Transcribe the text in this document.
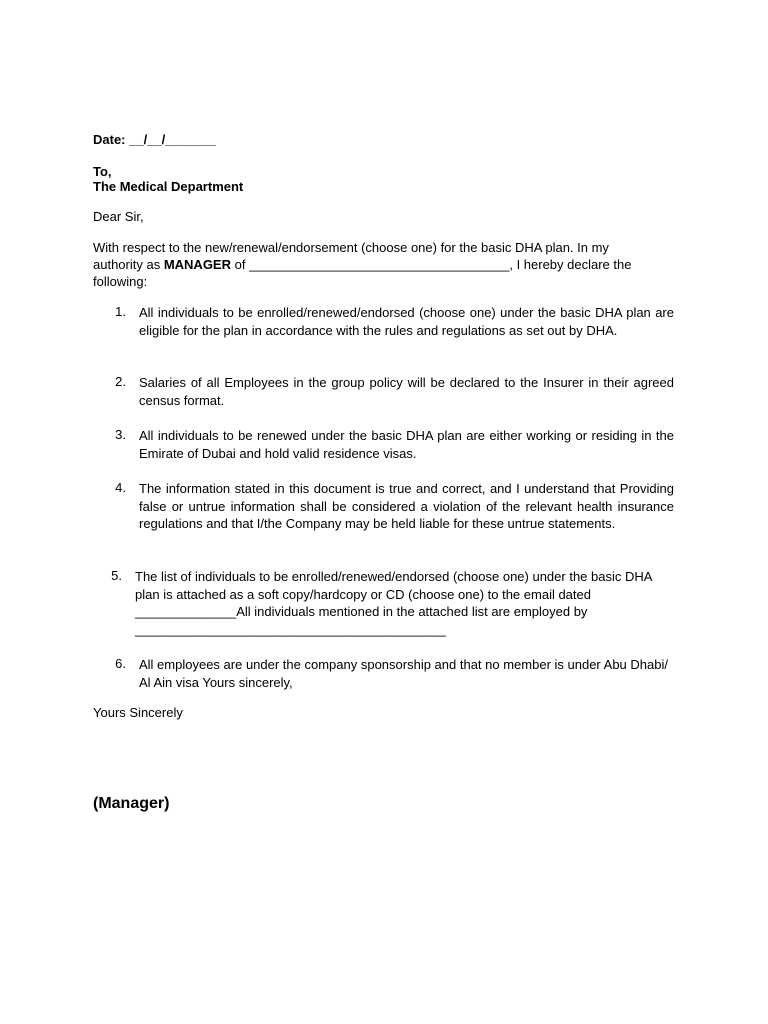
Date: __/__/_______
To,
The Medical Department
Dear Sir,
With respect to the new/renewal/endorsement (choose one) for the basic DHA plan. In my authority as MANAGER of ____________________________________, I hereby declare the following:
1. All individuals to be enrolled/renewed/endorsed (choose one) under the basic DHA plan are eligible for the plan in accordance with the rules and regulations as set out by DHA.
2. Salaries of all Employees in the group policy will be declared to the Insurer in their agreed census format.
3. All individuals to be renewed under the basic DHA plan are either working or residing in the Emirate of Dubai and hold valid residence visas.
4. The information stated in this document is true and correct, and I understand that Providing false or untrue information shall be considered a violation of the relevant health insurance regulations and that I/the Company may be held liable for these untrue statements.
5. The list of individuals to be enrolled/renewed/endorsed (choose one) under the basic DHA plan is attached as a soft copy/hardcopy or CD (choose one) to the email dated ______________All individuals mentioned in the attached list are employed by ___________________________________________
6. All employees are under the company sponsorship and that no member is under Abu Dhabi/ Al Ain visa Yours sincerely,
Yours Sincerely
(Manager)
